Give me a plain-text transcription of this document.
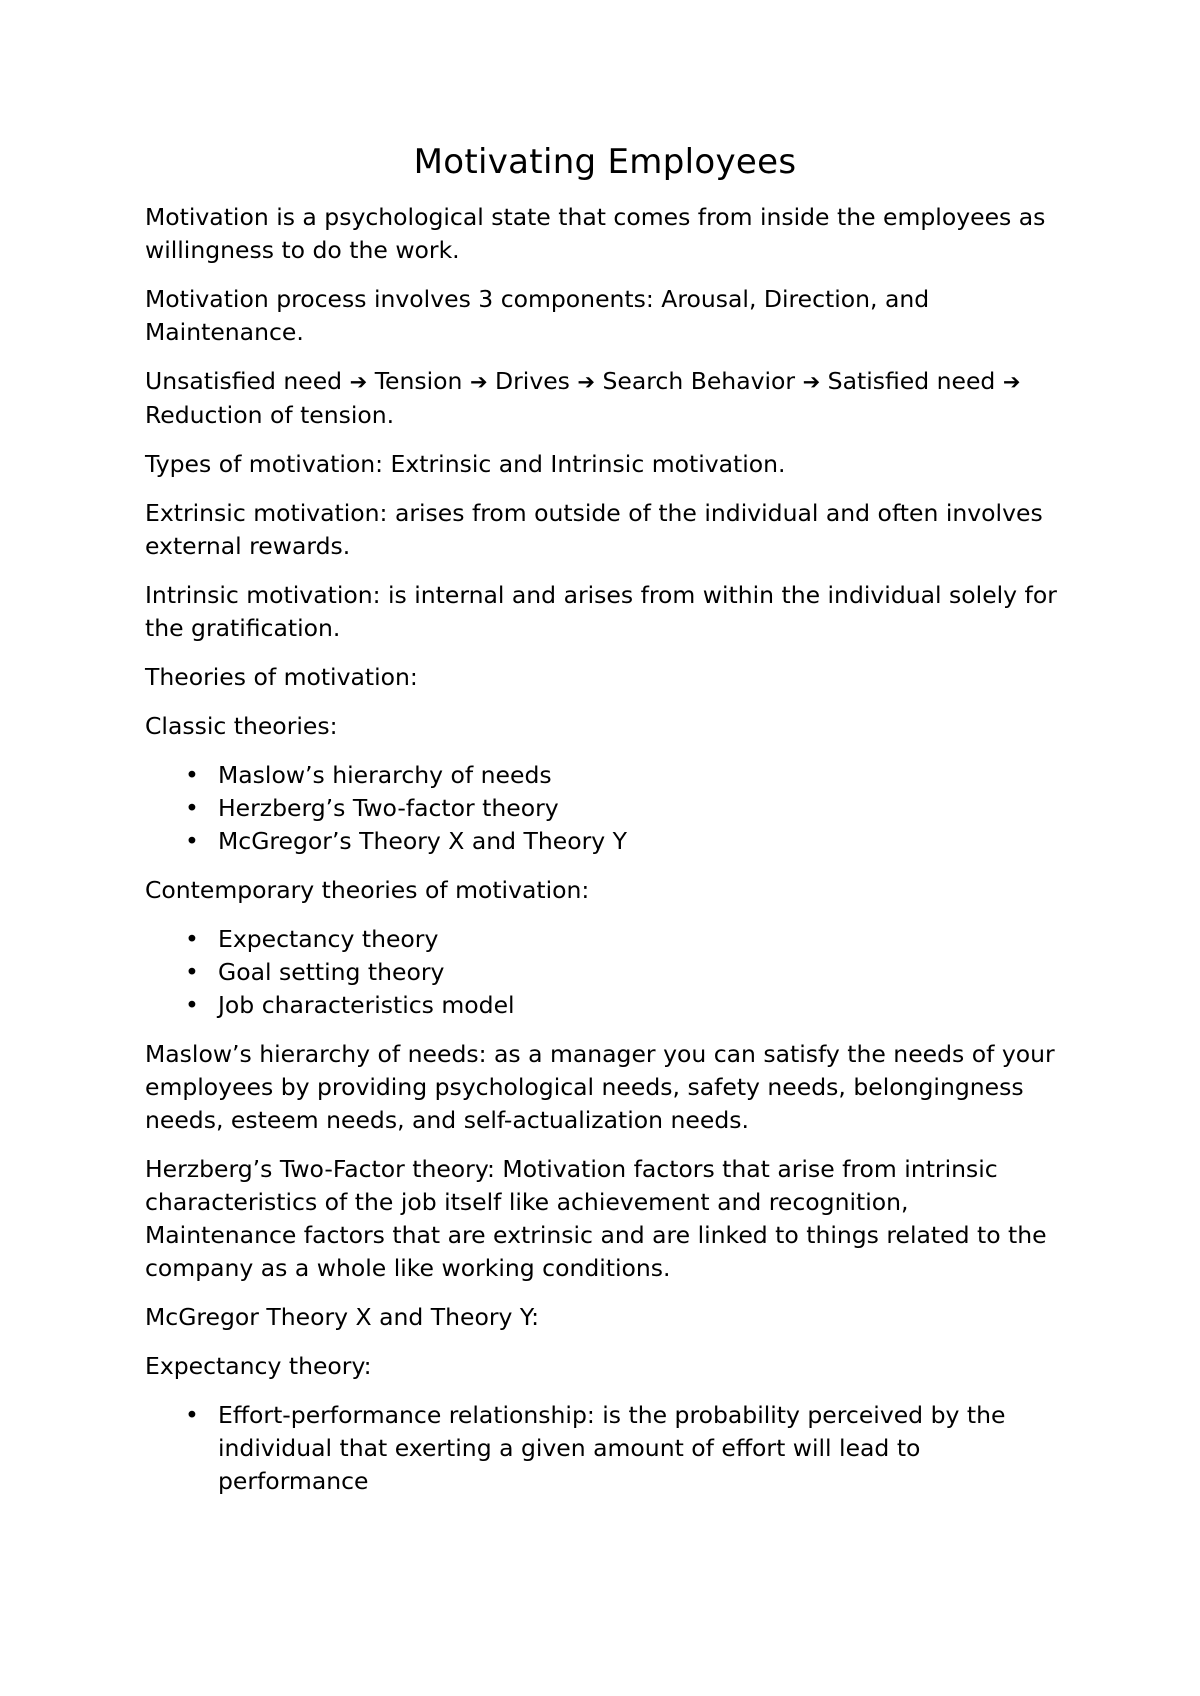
Motivating Employees

Motivation is a psychological state that comes from inside the employees as willingness to do the work.

Motivation process involves 3 components: Arousal, Direction, and Maintenance.

Unsatisfied need ➔ Tension ➔ Drives ➔ Search Behavior ➔ Satisfied need ➔ Reduction of tension.

Types of motivation: Extrinsic and Intrinsic motivation.

Extrinsic motivation: arises from outside of the individual and often involves external rewards.

Intrinsic motivation: is internal and arises from within the individual solely for the gratification.

Theories of motivation:

Classic theories:

• Maslow’s hierarchy of needs
• Herzberg’s Two-factor theory
• McGregor’s Theory X and Theory Y

Contemporary theories of motivation:

• Expectancy theory
• Goal setting theory
• Job characteristics model

Maslow’s hierarchy of needs: as a manager you can satisfy the needs of your employees by providing psychological needs, safety needs, belongingness needs, esteem needs, and self-actualization needs.

Herzberg’s Two-Factor theory: Motivation factors that arise from intrinsic characteristics of the job itself like achievement and recognition, Maintenance factors that are extrinsic and are linked to things related to the company as a whole like working conditions.

McGregor Theory X and Theory Y:

Expectancy theory:

• Effort-performance relationship: is the probability perceived by the individual that exerting a given amount of effort will lead to performance
